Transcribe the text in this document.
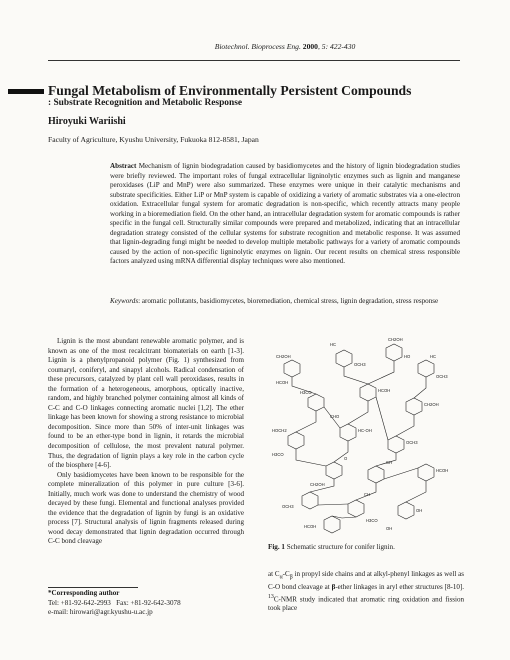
Biotechnol. Bioprocess Eng. 2000, 5: 422-430
Fungal Metabolism of Environmentally Persistent Compounds
: Substrate Recognition and Metabolic Response
Hiroyuki Wariishi
Faculty of Agriculture, Kyushu University, Fukuoka 812-8581, Japan
Abstract Mechanism of lignin biodegradation caused by basidiomycetes and the history of lignin biodegradation studies were briefly reviewed. The important roles of fungal extracellular ligninolytic enzymes such as lignin and manganese peroxidases (LiP and MnP) were also summarized. These enzymes were unique in their catalytic mechanisms and substrate specificities. Either LiP or MnP system is capable of oxidizing a variety of aromatic substrates via a one-electron oxidation. Extracellular fungal system for aromatic degradation is non-specific, which recently attracts many people working in a bioremediation field. On the other hand, an intracellular degradation system for aromatic compounds is rather specific in the fungal cell. Structurally similar compounds were prepared and metabolized, indicating that an intracellular degradation strategy consisted of the cellular systems for substrate recognition and metabolic response. It was assumed that lignin-degrading fungi might be needed to develop multiple metabolic pathways for a variety of aromatic compounds caused by the action of non-specific ligninolytic enzymes on lignin. Our recent results on chemical stress responsible factors analyzed using mRNA differential display techniques were also mentioned.
Keywords: aromatic pollutants, basidiomycetes, bioremediation, chemical stress, lignin degradation, stress response

Lignin is the most abundant renewable aromatic polymer, and is known as one of the most recalcitrant biomaterials on earth [1-3]. Lignin is a phenylpropanoid polymer (Fig. 1) synthesized from coumaryl, coniferyl, and sinapyl alcohols. Radical condensation of these precursors, catalyzed by plant cell wall peroxidases, results in the formation of a heterogeneous, amorphous, optically inactive, random, and highly branched polymer containing almost all kinds of C-C and C-O linkages connecting aromatic nuclei [1,2]. The ether linkage has been known for showing a strong resistance to microbial decomposition. Since more than 50% of inter-unit linkages was found to be an ether-type bond in lignin, it retards the microbial decomposition of cellulose, the most prevalent natural polymer. Thus, the degradation of lignin plays a key role in the carbon cycle of the biosphere [4-6].

Only basidiomycetes have been known to be responsible for the complete mineralization of this polymer in pure culture [3-6]. Initially, much work was done to understand the chemistry of wood decayed by these fungi. Elemental and functional analyses provided the evidence that the degradation of lignin by fungi is an oxidative process [7]. Structural analysis of lignin fragments released during wood decay demonstrated that lignin degradation occurred through C-C bond cleavage

CH2OH
HCOH
HC
OCH3
CH2OH
HO	HC
OCH3
HCOH
H3CO
CH2OH
CHO
HC-OH
HOCH2
OCH3
H3CO
O
CH
HCOH
CH2OH
CH
OCH3
OH
H3CO
HCOH	OH
Fig. 1 Schematic structure for conifer lignin.
at $C_\alpha-C_\beta$ in propyl side chains and at alkyl-phenyl linkages as well as C-O bond cleavage at β-ether linkages in aryl ether structures [8-10]. $^{13}$C-NMR study indicated that aromatic ring oxidation and fission took place
*Corresponding author
Tel: +81-92-642-2993   Fax: +81-92-642-3078
e-mail: hirowari@agr.kyushu-u.ac.jp
